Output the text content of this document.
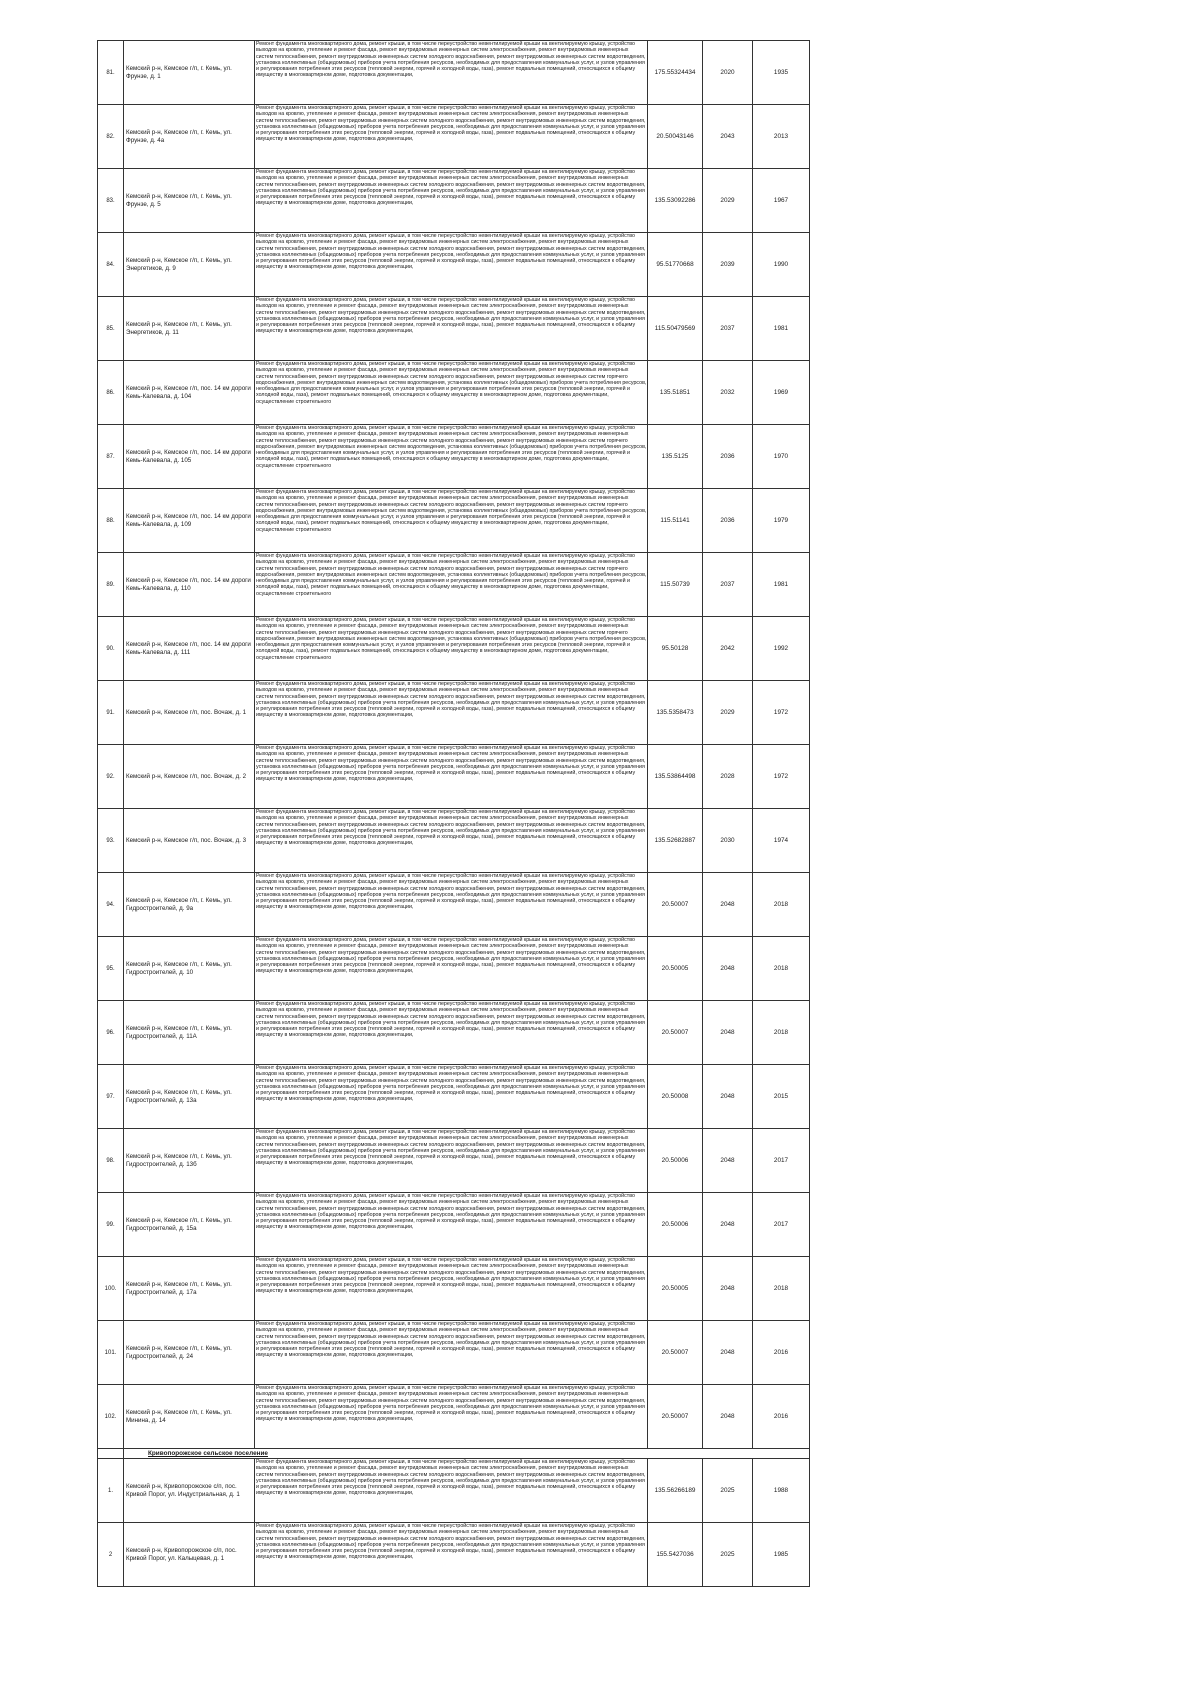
81.	Кемский р-н, Кемское г/п, г. Кемь, ул. Фрунзе, д. 1	Ремонт фундамента многоквартирного дома, ремонт крыши, в том числе переустройство невентилируемой крыши на вентилируемую крышу, устройство выходов на кровлю, утепление и ремонт фасада, ремонт внутридомовых инженерных систем электроснабжения, ремонт внутридомовых инженерных систем теплоснабжения, ремонт внутридомовых инженерных систем холодного водоснабжения, ремонт внутридомовых инженерных систем водоотведения, установка коллективных (общедомовых) приборов учета потребления ресурсов, необходимых для предоставления коммунальных услуг, и узлов управления и регулирования потребления этих ресурсов (тепловой энергии, горячей и холодной воды, газа), ремонт подвальных помещений, относящихся к общему имуществу в многоквартирном доме, подготовка документации,	175.55324434	2020	1935
82.	Кемский р-н, Кемское г/п, г. Кемь, ул. Фрунзе, д. 4а	Ремонт фундамента многоквартирного дома, ремонт крыши, в том числе переустройство невентилируемой крыши на вентилируемую крышу, устройство выходов на кровлю, утепление и ремонт фасада, ремонт внутридомовых инженерных систем электроснабжения, ремонт внутридомовых инженерных систем теплоснабжения, ремонт внутридомовых инженерных систем холодного водоснабжения, ремонт внутридомовых инженерных систем водоотведения, установка коллективных (общедомовых) приборов учета потребления ресурсов, необходимых для предоставления коммунальных услуг, и узлов управления и регулирования потребления этих ресурсов (тепловой энергии, горячей и холодной воды, газа), ремонт подвальных помещений, относящихся к общему имуществу в многоквартирном доме, подготовка документации,	20.50043146	2043	2013
83.	Кемский р-н, Кемское г/п, г. Кемь, ул. Фрунзе, д. 5	Ремонт фундамента многоквартирного дома, ремонт крыши, в том числе переустройство невентилируемой крыши на вентилируемую крышу, устройство выходов на кровлю, утепление и ремонт фасада, ремонт внутридомовых инженерных систем электроснабжения, ремонт внутридомовых инженерных систем теплоснабжения, ремонт внутридомовых инженерных систем холодного водоснабжения, ремонт внутридомовых инженерных систем водоотведения, установка коллективных (общедомовых) приборов учета потребления ресурсов, необходимых для предоставления коммунальных услуг, и узлов управления и регулирования потребления этих ресурсов (тепловой энергии, горячей и холодной воды, газа), ремонт подвальных помещений, относящихся к общему имуществу в многоквартирном доме, подготовка документации,	135.53092286	2029	1967
84.	Кемский р-н, Кемское г/п, г. Кемь, ул. Энергетиков, д. 9	Ремонт фундамента многоквартирного дома, ремонт крыши, в том числе переустройство невентилируемой крыши на вентилируемую крышу, устройство выходов на кровлю, утепление и ремонт фасада, ремонт внутридомовых инженерных систем электроснабжения, ремонт внутридомовых инженерных систем теплоснабжения, ремонт внутридомовых инженерных систем холодного водоснабжения, ремонт внутридомовых инженерных систем водоотведения, установка коллективных (общедомовых) приборов учета потребления ресурсов, необходимых для предоставления коммунальных услуг, и узлов управления и регулирования потребления этих ресурсов (тепловой энергии, горячей и холодной воды, газа), ремонт подвальных помещений, относящихся к общему имуществу в многоквартирном доме, подготовка документации,	95.51770668	2039	1990
85.	Кемский р-н, Кемское г/п, г. Кемь, ул. Энергетиков, д. 11	Ремонт фундамента многоквартирного дома, ремонт крыши, в том числе переустройство невентилируемой крыши на вентилируемую крышу, устройство выходов на кровлю, утепление и ремонт фасада, ремонт внутридомовых инженерных систем электроснабжения, ремонт внутридомовых инженерных систем теплоснабжения, ремонт внутридомовых инженерных систем холодного водоснабжения, ремонт внутридомовых инженерных систем водоотведения, установка коллективных (общедомовых) приборов учета потребления ресурсов, необходимых для предоставления коммунальных услуг, и узлов управления и регулирования потребления этих ресурсов (тепловой энергии, горячей и холодной воды, газа), ремонт подвальных помещений, относящихся к общему имуществу в многоквартирном доме, подготовка документации,	115.50479569	2037	1981
86.	Кемский р-н, Кемское г/п, пос. 14 км дороги Кемь-Калевала, д. 104	Ремонт фундамента многоквартирного дома, ремонт крыши, в том числе переустройство невентилируемой крыши на вентилируемую крышу, устройство выходов на кровлю, утепление и ремонт фасада, ремонт внутридомовых инженерных систем электроснабжения, ремонт внутридомовых инженерных систем теплоснабжения, ремонт внутридомовых инженерных систем холодного водоснабжения, ремонт внутридомовых инженерных систем горячего водоснабжения, ремонт внутридомовых инженерных систем водоотведения, установка коллективных (общедомовых) приборов учета потребления ресурсов, необходимых для предоставления коммунальных услуг, и узлов управления и регулирования потребления этих ресурсов (тепловой энергии, горячей и холодной воды, газа), ремонт подвальных помещений, относящихся к общему имуществу в многоквартирном доме, подготовка документации, осуществление строительного	135.51851	2032	1969
87.	Кемский р-н, Кемское г/п, пос. 14 км дороги Кемь-Калевала, д. 105	Ремонт фундамента многоквартирного дома, ремонт крыши, в том числе переустройство невентилируемой крыши на вентилируемую крышу, устройство выходов на кровлю, утепление и ремонт фасада, ремонт внутридомовых инженерных систем электроснабжения, ремонт внутридомовых инженерных систем теплоснабжения, ремонт внутридомовых инженерных систем холодного водоснабжения, ремонт внутридомовых инженерных систем горячего водоснабжения, ремонт внутридомовых инженерных систем водоотведения, установка коллективных (общедомовых) приборов учета потребления ресурсов, необходимых для предоставления коммунальных услуг, и узлов управления и регулирования потребления этих ресурсов (тепловой энергии, горячей и холодной воды, газа), ремонт подвальных помещений, относящихся к общему имуществу в многоквартирном доме, подготовка документации, осуществление строительного	135.5125	2036	1970
88.	Кемский р-н, Кемское г/п, пос. 14 км дороги Кемь-Калевала, д. 109	Ремонт фундамента многоквартирного дома, ремонт крыши, в том числе переустройство невентилируемой крыши на вентилируемую крышу, устройство выходов на кровлю, утепление и ремонт фасада, ремонт внутридомовых инженерных систем электроснабжения, ремонт внутридомовых инженерных систем теплоснабжения, ремонт внутридомовых инженерных систем холодного водоснабжения, ремонт внутридомовых инженерных систем горячего водоснабжения, ремонт внутридомовых инженерных систем водоотведения, установка коллективных (общедомовых) приборов учета потребления ресурсов, необходимых для предоставления коммунальных услуг, и узлов управления и регулирования потребления этих ресурсов (тепловой энергии, горячей и холодной воды, газа), ремонт подвальных помещений, относящихся к общему имуществу в многоквартирном доме, подготовка документации, осуществление строительного	115.51141	2036	1979
89.	Кемский р-н, Кемское г/п, пос. 14 км дороги Кемь-Калевала, д. 110	Ремонт фундамента многоквартирного дома, ремонт крыши, в том числе переустройство невентилируемой крыши на вентилируемую крышу, устройство выходов на кровлю, утепление и ремонт фасада, ремонт внутридомовых инженерных систем электроснабжения, ремонт внутридомовых инженерных систем теплоснабжения, ремонт внутридомовых инженерных систем холодного водоснабжения, ремонт внутридомовых инженерных систем горячего водоснабжения, ремонт внутридомовых инженерных систем водоотведения, установка коллективных (общедомовых) приборов учета потребления ресурсов, необходимых для предоставления коммунальных услуг, и узлов управления и регулирования потребления этих ресурсов (тепловой энергии, горячей и холодной воды, газа), ремонт подвальных помещений, относящихся к общему имуществу в многоквартирном доме, подготовка документации, осуществление строительного	115.50739	2037	1981
90.	Кемский р-н, Кемское г/п, пос. 14 км дороги Кемь-Калевала, д. 111	Ремонт фундамента многоквартирного дома, ремонт крыши, в том числе переустройство невентилируемой крыши на вентилируемую крышу, устройство выходов на кровлю, утепление и ремонт фасада, ремонт внутридомовых инженерных систем электроснабжения, ремонт внутридомовых инженерных систем теплоснабжения, ремонт внутридомовых инженерных систем холодного водоснабжения, ремонт внутридомовых инженерных систем горячего водоснабжения, ремонт внутридомовых инженерных систем водоотведения, установка коллективных (общедомовых) приборов учета потребления ресурсов, необходимых для предоставления коммунальных услуг, и узлов управления и регулирования потребления этих ресурсов (тепловой энергии, горячей и холодной воды, газа), ремонт подвальных помещений, относящихся к общему имуществу в многоквартирном доме, подготовка документации, осуществление строительного	95.50128	2042	1992
91.	Кемский р-н, Кемское г/п, пос. Вочаж, д. 1	Ремонт фундамента многоквартирного дома, ремонт крыши, в том числе переустройство невентилируемой крыши на вентилируемую крышу, устройство выходов на кровлю, утепление и ремонт фасада, ремонт внутридомовых инженерных систем электроснабжения, ремонт внутридомовых инженерных систем теплоснабжения, ремонт внутридомовых инженерных систем холодного водоснабжения, ремонт внутридомовых инженерных систем водоотведения, установка коллективных (общедомовых) приборов учета потребления ресурсов, необходимых для предоставления коммунальных услуг, и узлов управления и регулирования потребления этих ресурсов (тепловой энергии, горячей и холодной воды, газа), ремонт подвальных помещений, относящихся к общему имуществу в многоквартирном доме, подготовка документации,	135.5358473	2029	1972
92.	Кемский р-н, Кемское г/п, пос. Вочаж, д. 2	Ремонт фундамента многоквартирного дома, ремонт крыши, в том числе переустройство невентилируемой крыши на вентилируемую крышу, устройство выходов на кровлю, утепление и ремонт фасада, ремонт внутридомовых инженерных систем электроснабжения, ремонт внутридомовых инженерных систем теплоснабжения, ремонт внутридомовых инженерных систем холодного водоснабжения, ремонт внутридомовых инженерных систем водоотведения, установка коллективных (общедомовых) приборов учета потребления ресурсов, необходимых для предоставления коммунальных услуг, и узлов управления и регулирования потребления этих ресурсов (тепловой энергии, горячей и холодной воды, газа), ремонт подвальных помещений, относящихся к общему имуществу в многоквартирном доме, подготовка документации,	135.53864498	2028	1972
93.	Кемский р-н, Кемское г/п, пос. Вочаж, д. 3	Ремонт фундамента многоквартирного дома, ремонт крыши, в том числе переустройство невентилируемой крыши на вентилируемую крышу, устройство выходов на кровлю, утепление и ремонт фасада, ремонт внутридомовых инженерных систем электроснабжения, ремонт внутридомовых инженерных систем теплоснабжения, ремонт внутридомовых инженерных систем холодного водоснабжения, ремонт внутридомовых инженерных систем водоотведения, установка коллективных (общедомовых) приборов учета потребления ресурсов, необходимых для предоставления коммунальных услуг, и узлов управления и регулирования потребления этих ресурсов (тепловой энергии, горячей и холодной воды, газа), ремонт подвальных помещений, относящихся к общему имуществу в многоквартирном доме, подготовка документации,	135.52682887	2030	1974
94.	Кемский р-н, Кемское г/п, г. Кемь, ул. Гидростроителей, д. 9а	Ремонт фундамента многоквартирного дома, ремонт крыши, в том числе переустройство невентилируемой крыши на вентилируемую крышу, устройство выходов на кровлю, утепление и ремонт фасада, ремонт внутридомовых инженерных систем электроснабжения, ремонт внутридомовых инженерных систем теплоснабжения, ремонт внутридомовых инженерных систем холодного водоснабжения, ремонт внутридомовых инженерных систем водоотведения, установка коллективных (общедомовых) приборов учета потребления ресурсов, необходимых для предоставления коммунальных услуг, и узлов управления и регулирования потребления этих ресурсов (тепловой энергии, горячей и холодной воды, газа), ремонт подвальных помещений, относящихся к общему имуществу в многоквартирном доме, подготовка документации,	20.50007	2048	2018
95.	Кемский р-н, Кемское г/п, г. Кемь, ул. Гидростроителей, д. 10	Ремонт фундамента многоквартирного дома, ремонт крыши, в том числе переустройство невентилируемой крыши на вентилируемую крышу, устройство выходов на кровлю, утепление и ремонт фасада, ремонт внутридомовых инженерных систем электроснабжения, ремонт внутридомовых инженерных систем теплоснабжения, ремонт внутридомовых инженерных систем холодного водоснабжения, ремонт внутридомовых инженерных систем водоотведения, установка коллективных (общедомовых) приборов учета потребления ресурсов, необходимых для предоставления коммунальных услуг, и узлов управления и регулирования потребления этих ресурсов (тепловой энергии, горячей и холодной воды, газа), ремонт подвальных помещений, относящихся к общему имуществу в многоквартирном доме, подготовка документации,	20.50005	2048	2018
96.	Кемский р-н, Кемское г/п, г. Кемь, ул. Гидростроителей, д. 11А	Ремонт фундамента многоквартирного дома, ремонт крыши, в том числе переустройство невентилируемой крыши на вентилируемую крышу, устройство выходов на кровлю, утепление и ремонт фасада, ремонт внутридомовых инженерных систем электроснабжения, ремонт внутридомовых инженерных систем теплоснабжения, ремонт внутридомовых инженерных систем холодного водоснабжения, ремонт внутридомовых инженерных систем водоотведения, установка коллективных (общедомовых) приборов учета потребления ресурсов, необходимых для предоставления коммунальных услуг, и узлов управления и регулирования потребления этих ресурсов (тепловой энергии, горячей и холодной воды, газа), ремонт подвальных помещений, относящихся к общему имуществу в многоквартирном доме, подготовка документации,	20.50007	2048	2018
97.	Кемский р-н, Кемское г/п, г. Кемь, ул. Гидростроителей, д. 13а	Ремонт фундамента многоквартирного дома, ремонт крыши, в том числе переустройство невентилируемой крыши на вентилируемую крышу, устройство выходов на кровлю, утепление и ремонт фасада, ремонт внутридомовых инженерных систем электроснабжения, ремонт внутридомовых инженерных систем теплоснабжения, ремонт внутридомовых инженерных систем холодного водоснабжения, ремонт внутридомовых инженерных систем водоотведения, установка коллективных (общедомовых) приборов учета потребления ресурсов, необходимых для предоставления коммунальных услуг, и узлов управления и регулирования потребления этих ресурсов (тепловой энергии, горячей и холодной воды, газа), ремонт подвальных помещений, относящихся к общему имуществу в многоквартирном доме, подготовка документации,	20.50008	2048	2015
98.	Кемский р-н, Кемское г/п, г. Кемь, ул. Гидростроителей, д. 13б	Ремонт фундамента многоквартирного дома, ремонт крыши, в том числе переустройство невентилируемой крыши на вентилируемую крышу, устройство выходов на кровлю, утепление и ремонт фасада, ремонт внутридомовых инженерных систем электроснабжения, ремонт внутридомовых инженерных систем теплоснабжения, ремонт внутридомовых инженерных систем холодного водоснабжения, ремонт внутридомовых инженерных систем водоотведения, установка коллективных (общедомовых) приборов учета потребления ресурсов, необходимых для предоставления коммунальных услуг, и узлов управления и регулирования потребления этих ресурсов (тепловой энергии, горячей и холодной воды, газа), ремонт подвальных помещений, относящихся к общему имуществу в многоквартирном доме, подготовка документации,	20.50006	2048	2017
99.	Кемский р-н, Кемское г/п, г. Кемь, ул. Гидростроителей, д. 15а	Ремонт фундамента многоквартирного дома, ремонт крыши, в том числе переустройство невентилируемой крыши на вентилируемую крышу, устройство выходов на кровлю, утепление и ремонт фасада, ремонт внутридомовых инженерных систем электроснабжения, ремонт внутридомовых инженерных систем теплоснабжения, ремонт внутридомовых инженерных систем холодного водоснабжения, ремонт внутридомовых инженерных систем водоотведения, установка коллективных (общедомовых) приборов учета потребления ресурсов, необходимых для предоставления коммунальных услуг, и узлов управления и регулирования потребления этих ресурсов (тепловой энергии, горячей и холодной воды, газа), ремонт подвальных помещений, относящихся к общему имуществу в многоквартирном доме, подготовка документации,	20.50006	2048	2017
100.	Кемский р-н, Кемское г/п, г. Кемь, ул. Гидростроителей, д. 17а	Ремонт фундамента многоквартирного дома, ремонт крыши, в том числе переустройство невентилируемой крыши на вентилируемую крышу, устройство выходов на кровлю, утепление и ремонт фасада, ремонт внутридомовых инженерных систем электроснабжения, ремонт внутридомовых инженерных систем теплоснабжения, ремонт внутридомовых инженерных систем холодного водоснабжения, ремонт внутридомовых инженерных систем водоотведения, установка коллективных (общедомовых) приборов учета потребления ресурсов, необходимых для предоставления коммунальных услуг, и узлов управления и регулирования потребления этих ресурсов (тепловой энергии, горячей и холодной воды, газа), ремонт подвальных помещений, относящихся к общему имуществу в многоквартирном доме, подготовка документации,	20.50005	2048	2018
101.	Кемский р-н, Кемское г/п, г. Кемь, ул. Гидростроителей, д. 24	Ремонт фундамента многоквартирного дома, ремонт крыши, в том числе переустройство невентилируемой крыши на вентилируемую крышу, устройство выходов на кровлю, утепление и ремонт фасада, ремонт внутридомовых инженерных систем электроснабжения, ремонт внутридомовых инженерных систем теплоснабжения, ремонт внутридомовых инженерных систем холодного водоснабжения, ремонт внутридомовых инженерных систем водоотведения, установка коллективных (общедомовых) приборов учета потребления ресурсов, необходимых для предоставления коммунальных услуг, и узлов управления и регулирования потребления этих ресурсов (тепловой энергии, горячей и холодной воды, газа), ремонт подвальных помещений, относящихся к общему имуществу в многоквартирном доме, подготовка документации,	20.50007	2048	2016
102.	Кемский р-н, Кемское г/п, г. Кемь, ул. Минина, д. 14	Ремонт фундамента многоквартирного дома, ремонт крыши, в том числе переустройство невентилируемой крыши на вентилируемую крышу, устройство выходов на кровлю, утепление и ремонт фасада, ремонт внутридомовых инженерных систем электроснабжения, ремонт внутридомовых инженерных систем теплоснабжения, ремонт внутридомовых инженерных систем холодного водоснабжения, ремонт внутридомовых инженерных систем водоотведения, установка коллективных (общедомовых) приборов учета потребления ресурсов, необходимых для предоставления коммунальных услуг, и узлов управления и регулирования потребления этих ресурсов (тепловой энергии, горячей и холодной воды, газа), ремонт подвальных помещений, относящихся к общему имуществу в многоквартирном доме, подготовка документации,	20.50007	2048	2016
	Кривопорожское сельское поселение				
1.	Кемский р-н, Кривопорожское с/п, пос. Кривой Порог, ул. Индустриальная, д. 1	Ремонт фундамента многоквартирного дома, ремонт крыши, в том числе переустройство невентилируемой крыши на вентилируемую крышу, устройство выходов на кровлю, утепление и ремонт фасада, ремонт внутридомовых инженерных систем электроснабжения, ремонт внутридомовых инженерных систем теплоснабжения, ремонт внутридомовых инженерных систем холодного водоснабжения, ремонт внутридомовых инженерных систем водоотведения, установка коллективных (общедомовых) приборов учета потребления ресурсов, необходимых для предоставления коммунальных услуг, и узлов управления и регулирования потребления этих ресурсов (тепловой энергии, горячей и холодной воды, газа), ремонт подвальных помещений, относящихся к общему имуществу в многоквартирном доме, подготовка документации,	135.56266189	2025	1988
2	Кемский р-н, Кривопорожское с/п, пос. Кривой Порог, ул. Калыцевая, д. 1	Ремонт фундамента многоквартирного дома, ремонт крыши, в том числе переустройство невентилируемой крыши на вентилируемую крышу, устройство выходов на кровлю, утепление и ремонт фасада, ремонт внутридомовых инженерных систем электроснабжения, ремонт внутридомовых инженерных систем теплоснабжения, ремонт внутридомовых инженерных систем холодного водоснабжения, ремонт внутридомовых инженерных систем водоотведения, установка коллективных (общедомовых) приборов учета потребления ресурсов, необходимых для предоставления коммунальных услуг, и узлов управления и регулирования потребления этих ресурсов (тепловой энергии, горячей и холодной воды, газа), ремонт подвальных помещений, относящихся к общему имуществу в многоквартирном доме, подготовка документации,	155.5427036	2025	1985
